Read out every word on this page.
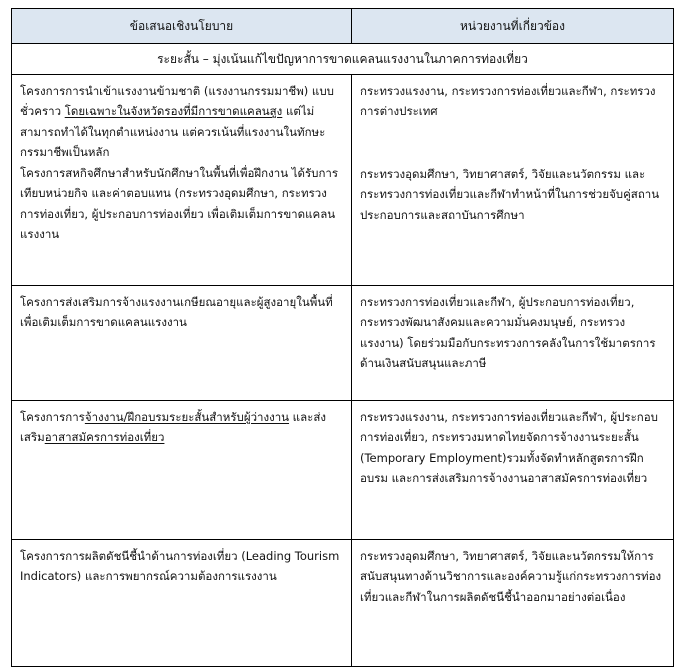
ข้อเสนอเชิงนโยบาย	หน่วยงานที่เกี่ยวข้อง
ระยะสั้น – มุ่งเน้นแก้ไขปัญหาการขาดแคลนแรงงานในภาคการท่องเที่ยว	

โครงการการนำเข้าแรงงานข้ามชาติ (แรงงานกรรมมาชีพ) แบบชั่วคราว โดยเฉพาะในจังหวัดรองที่มีการขาดแคลนสูง แต่ไม่สามารถทำได้ในทุกตำแหน่งงาน แต่ควรเน้นที่แรงงานในทักษะกรรมาชีพเป็นหลัก
โครงการสหกิจศึกษาสำหรับนักศึกษาในพื้นที่เพื่อฝึกงาน ได้รับการเทียบหน่วยกิจ และค่าตอบแทน (กระทรวงอุดมศึกษา, กระทรวงการท่องเที่ยว, ผู้ประกอบการท่องเที่ยว เพื่อเติมเต็มการขาดแคลนแรงงาน	กระทรวงแรงงาน, กระทรวงการท่องเที่ยวและกีฬา, กระทรวงการต่างประเทศ
กระทรวงอุดมศึกษา, วิทยาศาสตร์, วิจัยและนวัตกรรม และกระทรวงการท่องเที่ยวและกีฬาทำหน้าที่ในการช่วยจับคู่สถานประกอบการและสถาบันการศึกษา

โครงการส่งเสริมการจ้างแรงงานเกษียณอายุและผู้สูงอายุในพื้นที่เพื่อเติมเต็มการขาดแคลนแรงงาน	กระทรวงการท่องเที่ยวและกีฬา, ผู้ประกอบการท่องเที่ยว, กระทรวงพัฒนาสังคมและความมั่นคงมนุษย์, กระทรวงแรงงาน) โดยร่วมมือกับกระทรวงการคลังในการใช้มาตรการด้านเงินสนับสนุนและภาษี

โครงการการจ้างงาน/ฝึกอบรมระยะสั้นสำหรับผู้ว่างงาน และส่งเสริมอาสาสมัครการท่องเที่ยว	กระทรวงแรงงาน, กระทรวงการท่องเที่ยวและกีฬา, ผู้ประกอบการท่องเที่ยว, กระทรวงมหาดไทยจัดการจ้างงานระยะสั้น (Temporary Employment)รวมทั้งจัดทำหลักสูตรการฝึกอบรม และการส่งเสริมการจ้างงานอาสาสมัครการท่องเที่ยว

โครงการการผลิตดัชนีชี้นำด้านการท่องเที่ยว (Leading Tourism Indicators) และการพยากรณ์ความต้องการแรงงาน	กระทรวงอุดมศึกษา, วิทยาศาสตร์, วิจัยและนวัตกรรมให้การสนับสนุนทางด้านวิชาการและองค์ความรู้แก่กระทรวงการท่องเที่ยวและกีฬาในการผลิตดัชนีชี้นำออกมาอย่างต่อเนื่อง
